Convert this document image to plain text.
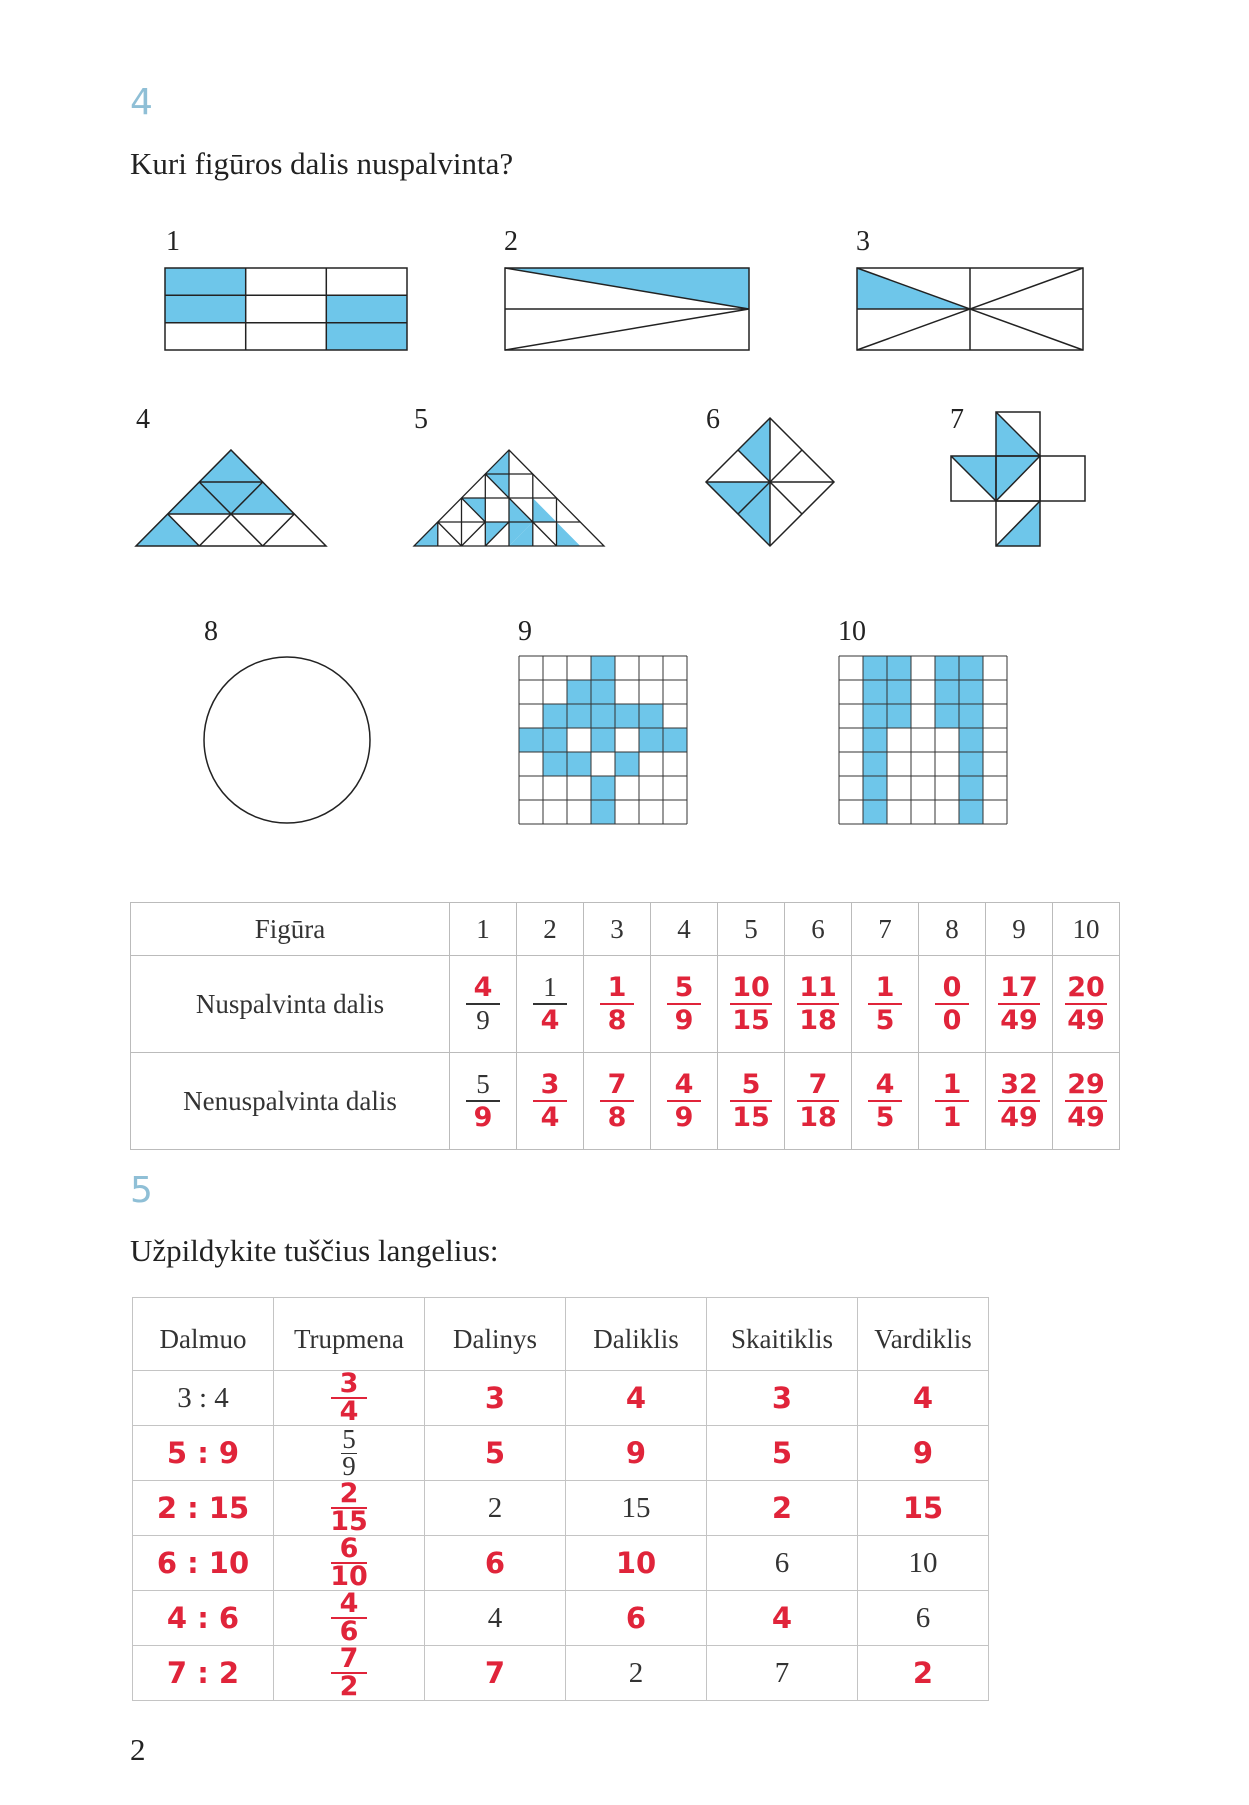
4
Kuri figūros dalis nuspalvinta?
1	2	3
4	5	6	7
8	9	10
Figūra	1	2	3	4	5	6	7	8	9	10
Nuspalvinta dalis	$\frac{4}{9}$	$\frac{1}{4}$	$\frac{1}{8}$	$\frac{5}{9}$	$\frac{10}{15}$	$\frac{11}{18}$	$\frac{1}{5}$	$\frac{0}{0}$	$\frac{17}{49}$	$\frac{20}{49}$

Nenuspalvinta dalis	$\frac{5}{9}$	$\frac{3}{4}$	$\frac{7}{8}$	$\frac{4}{9}$	$\frac{5}{15}$	$\frac{7}{18}$	$\frac{4}{5}$	$\frac{1}{1}$	$\frac{32}{49}$	$\frac{29}{49}$
5
Užpildykite tuščius langelius:
Dalmuo	Trupmena	Dalinys	Daliklis	Skaitiklis	Vardiklis
3 : 4	$\frac{3}{4}$	3	4	3	4
5 : 9	$\frac{5}{9}$	5	9	5	9
2 : 15	$\frac{2}{15}$	2	15	2	15
6 : 10	$\frac{6}{10}$	6	10	6	10
4 : 6	$\frac{4}{6}$	4	6	4	6
7 : 2	$\frac{7}{2}$	7	2	7	2
2
